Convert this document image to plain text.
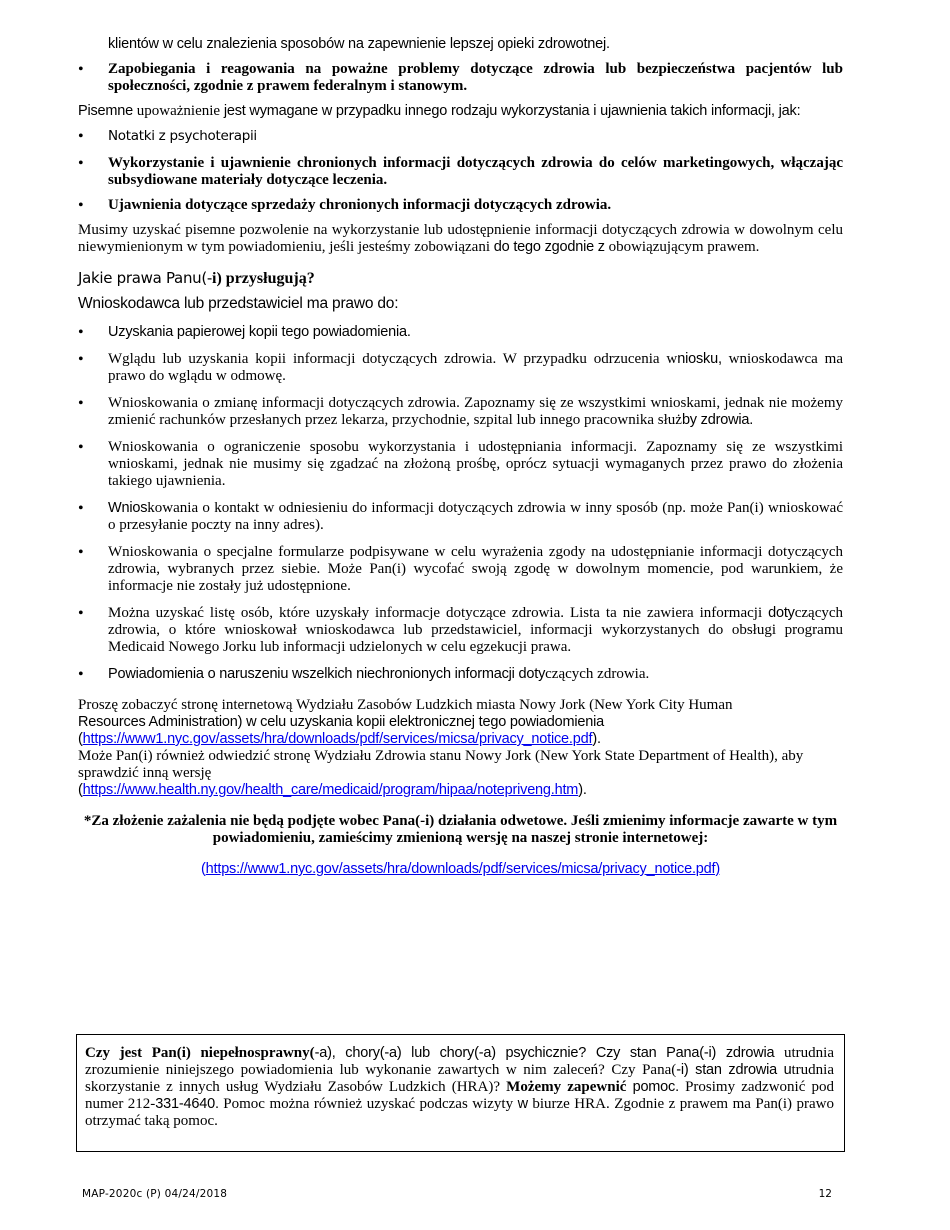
klientów w celu znalezienia sposobów na zapewnienie lepszej opieki zdrowotnej.

• Zapobiegania i reagowania na poważne problemy dotyczące zdrowia lub bezpieczeństwa pacjentów lub społeczności, zgodnie z prawem federalnym i stanowym.

Pisemne upoważnienie jest wymagane w przypadku innego rodzaju wykorzystania i ujawnienia takich informacji, jak:

• Notatki z psychoterapii
• Wykorzystanie i ujawnienie chronionych informacji dotyczących zdrowia do celów marketingowych, włączając subsydiowane materiały dotyczące leczenia.
• Ujawnienia dotyczące sprzedaży chronionych informacji dotyczących zdrowia.

Musimy uzyskać pisemne pozwolenie na wykorzystanie lub udostępnienie informacji dotyczących zdrowia w dowolnym celu niewymienionym w tym powiadomieniu, jeśli jesteśmy zobowiązani do tego zgodnie z obowiązującym prawem.

Jakie prawa Panu(-i) przysługują?

Wnioskodawca lub przedstawiciel ma prawo do:

• Uzyskania papierowej kopii tego powiadomienia.
• Wglądu lub uzyskania kopii informacji dotyczących zdrowia. W przypadku odrzucenia wniosku, wnioskodawca ma prawo do wglądu w odmowę.
• Wnioskowania o zmianę informacji dotyczących zdrowia. Zapoznamy się ze wszystkimi wnioskami, jednak nie możemy zmienić rachunków przesłanych przez lekarza, przychodnie, szpital lub innego pracownika służby zdrowia.
• Wnioskowania o ograniczenie sposobu wykorzystania i udostępniania informacji. Zapoznamy się ze wszystkimi wnioskami, jednak nie musimy się zgadzać na złożoną prośbę, oprócz sytuacji wymaganych przez prawo do złożenia takiego ujawnienia.
• Wnioskowania o kontakt w odniesieniu do informacji dotyczących zdrowia w inny sposób (np. może Pan(i) wnioskować o przesyłanie poczty na inny adres).
• Wnioskowania o specjalne formularze podpisywane w celu wyrażenia zgody na udostępnianie informacji dotyczących zdrowia, wybranych przez siebie. Może Pan(i) wycofać swoją zgodę w dowolnym momencie, pod warunkiem, że informacje nie zostały już udostępnione.
• Można uzyskać listę osób, które uzyskały informacje dotyczące zdrowia. Lista ta nie zawiera informacji dotyczących zdrowia, o które wnioskował wnioskodawca lub przedstawiciel, informacji wykorzystanych do obsługi programu Medicaid Nowego Jorku lub informacji udzielonych w celu egzekucji prawa.
• Powiadomienia o naruszeniu wszelkich niechronionych informacji dotyczących zdrowia.
Proszę zobaczyć stronę internetową Wydziału Zasobów Ludzkich miasta Nowy Jork (New York City Human
Resources Administration) w celu uzyskania kopii elektronicznej tego powiadomienia
(https://www1.nyc.gov/assets/hra/downloads/pdf/services/micsa/privacy_notice.pdf).
Może Pan(i) również odwiedzić stronę Wydziału Zdrowia stanu Nowy Jork (New York State Department of Health), aby sprawdzić inną wersję
(https://www.health.ny.gov/health_care/medicaid/program/hipaa/notepriveng.htm).

*Za złożenie zażalenia nie będą podjęte wobec Pana(-i) działania odwetowe. Jeśli zmienimy informacje zawarte w tym powiadomieniu, zamieścimy zmienioną wersję na naszej stronie internetowej:

(https://www1.nyc.gov/assets/hra/downloads/pdf/services/micsa/privacy_notice.pdf)

Czy jest Pan(i) niepełnosprawny(-a), chory(-a) lub chory(-a) psychicznie? Czy stan Pana(-i) zdrowia utrudnia zrozumienie niniejszego powiadomienia lub wykonanie zawartych w nim zaleceń? Czy Pana(-i) stan zdrowia utrudnia skorzystanie z innych usług Wydziału Zasobów Ludzkich (HRA)? Możemy zapewnić pomoc. Prosimy zadzwonić pod numer 212-331-4640. Pomoc można również uzyskać podczas wizyty w biurze HRA. Zgodnie z prawem ma Pan(i) prawo otrzymać taką pomoc.
MAP-2020c (P) 04/24/2018	12
